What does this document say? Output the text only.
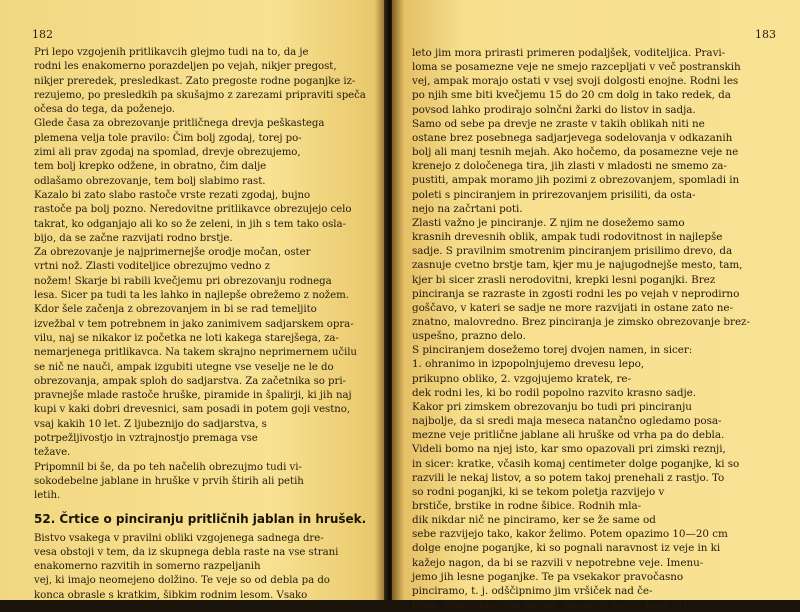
182
Pri lepo vzgojenih pritlikavcih glejmo tudi na to, da je
rodni les enakomerno porazdeljen po vejah, nikjer pregost,
nikjer preredek, presledkast. Zato pregoste rodne poganjke iz-
rezujemo, po presledkih pa skušajmo z zarezami pripraviti speča
očesa do tega, da poženejo.
Glede časa za obrezovanje pritličnega drevja peškastega
plemena velja tole pravilo: Čim bolj zgodaj, torej po-
zimi ali prav zgodaj na spomlad, drevje obrezujemo,
tem bolj krepko odžene, in obratno, čim dalje
odlašamo obrezovanje, tem bolj slabimo rast.
Kazalo bi zato slabo rastoče vrste rezati zgodaj, bujno
rastoče pa bolj pozno. Neredovitne pritlikavce obrezujejo celo
takrat, ko odganjajo ali ko so že zeleni, in jih s tem tako osla-
bijo, da se začne razvijati rodno brstje.
Za obrezovanje je najprimernejše orodje močan, oster
vrtni nož. Zlasti voditeljice obrezujmo vedno z
nožem! Skarje bi rabili kvečjemu pri obrezovanju rodnega
lesa. Sicer pa tudi ta les lahko in najlepše obrežemo z nožem.
Kdor šele začenja z obrezovanjem in bi se rad temeljito
izvežbal v tem potrebnem in jako zanimivem sadjarskem opra-
vilu, naj se nikakor iz početka ne loti kakega starejšega, za-
nemarjenega pritlikavca. Na takem skrajno neprimernem učilu
se nič ne nauči, ampak izgubiti utegne vse veselje ne le do
obrezovanja, ampak sploh do sadjarstva. Za začetnika so pri-
pravnejše mlade rastoče hruške, piramide in špalirji, ki jih naj
kupi v kaki dobri drevesnici, sam posadi in potem goji vestno,
vsaj kakih 10 let. Z ljubeznijo do sadjarstva, s
potrpežljivostjo in vztrajnostjo premaga vse
težave.
Pripomnil bi še, da po teh načelih obrezujmo tudi vi-
sokodebelne jablane in hruške v prvih štirih ali petih
letih.
52. Črtice o pinciranju pritličnih jablan in hrušek.
Bistvo vsakega v pravilni obliki vzgojenega sadnega dre-
vesa obstoji v tem, da iz skupnega debla raste na vse strani
enakomerno razvitih in somerno razpeljanih
vej, ki imajo neomejeno dolžino. Te veje so od debla pa do
konca obrasle s kratkim, šibkim rodnim lesom. Vsako
183
leto jim mora prirasti primeren podaljšek, voditeljica. Pravi-
loma se posamezne veje ne smejo razcepljati v več postranskih
vej, ampak morajo ostati v vsej svoji dolgosti enojne. Rodni les
po njih sme biti kvečjemu 15 do 20 cm dolg in tako redek, da
povsod lahko prodirajo solnčni žarki do listov in sadja.
Samo od sebe pa drevje ne zraste v takih oblikah niti ne
ostane brez posebnega sadjarjevega sodelovanja v odkazanih
bolj ali manj tesnih mejah. Ako hočemo, da posamezne veje ne
krenejo z določenega tira, jih zlasti v mladosti ne smemo za-
pustiti, ampak moramo jih pozimi z obrezovanjem, spomladi in
poleti s pinciranjem in prirezovanjem prisiliti, da osta-
nejo na začrtani poti.
Zlasti važno je pinciranje. Z njim ne dosežemo samo
krasnih drevesnih oblik, ampak tudi rodovitnost in najlepše
sadje. S pravilnim smotrenim pinciranjem prisilimo drevo, da
zasnuje cvetno brstje tam, kjer mu je najugodnejše mesto, tam,
kjer bi sicer zrasli nerodovitni, krepki lesni poganjki. Brez
pinciranja se razraste in zgosti rodni les po vejah v neprodirno
goščavo, v kateri se sadje ne more razvijati in ostane zato ne-
znatno, malovredno. Brez pinciranja je zimsko obrezovanje brez-
uspešno, prazno delo.
S pinciranjem dosežemo torej dvojen namen, in sicer:
1. ohranimo in izpopolnjujemo drevesu lepo,
prikupno obliko, 2. vzgojujemo kratek, re-
dek rodni les, ki bo rodil popolno razvito krasno sadje.
Kakor pri zimskem obrezovanju bo tudi pri pinciranju
najbolje, da si sredi maja meseca natančno ogledamo posa-
mezne veje pritlične jablane ali hruške od vrha pa do debla.
Videli bomo na njej isto, kar smo opazovali pri zimski reznji,
in sicer: kratke, včasih komaj centimeter dolge poganjke, ki so
razvili le nekaj listov, a so potem takoj prenehali z rastjo. To
so rodni poganjki, ki se tekom poletja razvijejo v
brstiče, brstike in rodne šibice. Rodnih mla-
dik nikdar nič ne pinciramo, ker se že same od
sebe razvijejo tako, kakor želimo. Potem opazimo 10—20 cm
dolge enojne poganjke, ki so pognali naravnost iz veje in ki
kažejo nagon, da bi se razvili v nepotrebne veje. Imenu-
jemo jih lesne poganjke. Te pa vsekakor pravočasno
pinciramo, t. j. odščipnimo jim vršiček nad če-
trtim, dobro razvitim listom. Spodnjih listov, prav pri
